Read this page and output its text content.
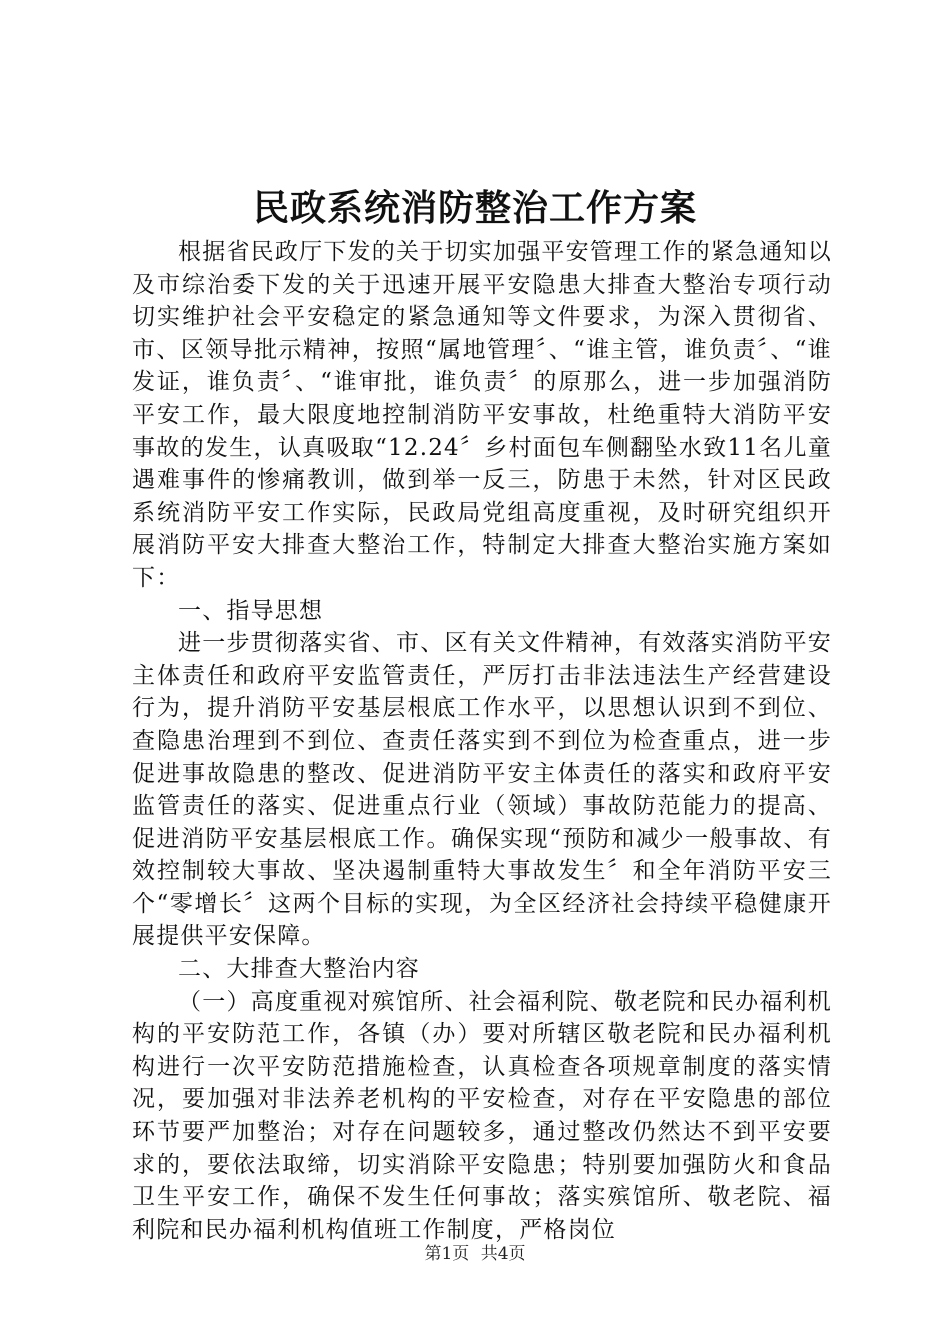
民政系统消防整治工作方案

根据省民政厅下发的关于切实加强平安管理工作的紧急通知以及市综治委下发的关于迅速开展平安隐患大排查大整治专项行动切实维护社会平安稳定的紧急通知等文件要求，为深入贯彻省、市、区领导批示精神，按照“属地管理〞、“谁主管，谁负责〞、“谁发证，谁负责〞、“谁审批，谁负责〞的原那么，进一步加强消防平安工作，最大限度地控制消防平安事故，杜绝重特大消防平安事故的发生，认真吸取“12.24〞乡村面包车侧翻坠水致11名儿童遇难事件的惨痛教训，做到举一反三，防患于未然，针对区民政系统消防平安工作实际，民政局党组高度重视，及时研究组织开展消防平安大排查大整治工作，特制定大排查大整治实施方案如下：

一、指导思想

进一步贯彻落实省、市、区有关文件精神，有效落实消防平安主体责任和政府平安监管责任，严厉打击非法违法生产经营建设行为，提升消防平安基层根底工作水平，以思想认识到不到位、查隐患治理到不到位、查责任落实到不到位为检查重点，进一步促进事故隐患的整改、促进消防平安主体责任的落实和政府平安监管责任的落实、促进重点行业（领域）事故防范能力的提高、促进消防平安基层根底工作。确保实现“预防和减少一般事故、有效控制较大事故、坚决遏制重特大事故发生〞和全年消防平安三个“零增长〞这两个目标的实现，为全区经济社会持续平稳健康开展提供平安保障。

二、大排查大整治内容

（一）高度重视对殡馆所、社会福利院、敬老院和民办福利机构的平安防范工作，各镇（办）要对所辖区敬老院和民办福利机构进行一次平安防范措施检查，认真检查各项规章制度的落实情况，要加强对非法养老机构的平安检查，对存在平安隐患的部位环节要严加整治；对存在问题较多，通过整改仍然达不到平安要求的，要依法取缔，切实消除平安隐患；特别要加强防火和食品卫生平安工作，确保不发生任何事故；落实殡馆所、敬老院、福利院和民办福利机构值班工作制度，严格岗位

第1页 共4页
